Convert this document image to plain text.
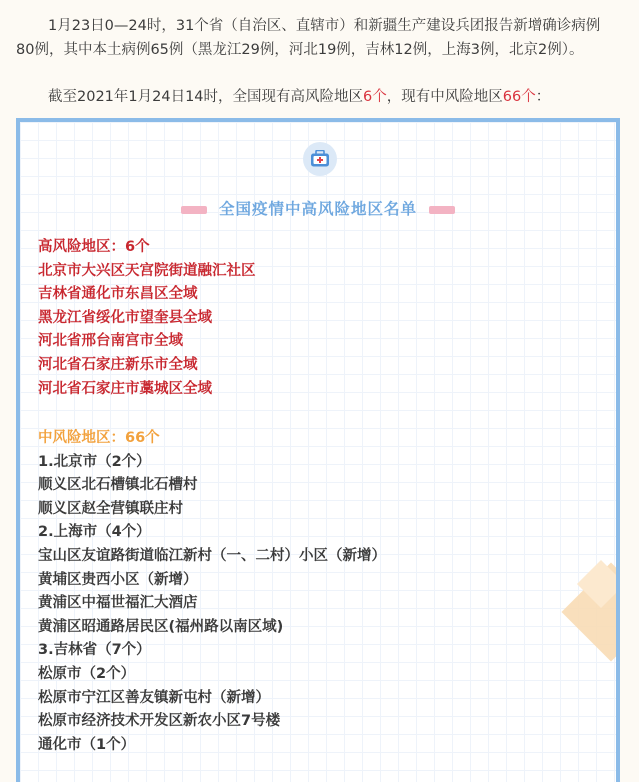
1月23日0—24时，31个省（自治区、直辖市）和新疆生产建设兵团报告新增确诊病例

80例，其中本土病例65例（黑龙江29例，河北19例，吉林12例，上海3例，北京2例）。

截至2021年1月24日14时，全国现有高风险地区6个，现有中风险地区66个：

全国疫情中高风险地区名单
高风险地区：6个
北京市大兴区天宫院街道融汇社区
吉林省通化市东昌区全域
黑龙江省绥化市望奎县全域
河北省邢台南宫市全域
河北省石家庄新乐市全域
河北省石家庄市藁城区全域
中风险地区：66个
1.北京市（2个）
顺义区北石槽镇北石槽村
顺义区赵全营镇联庄村
2.上海市（4个）
宝山区友谊路街道临江新村（一、二村）小区（新增）
黄埔区贵西小区（新增）
黄浦区中福世福汇大酒店
黄浦区昭通路居民区(福州路以南区域)
3.吉林省（7个）
松原市（2个）
松原市宁江区善友镇新屯村（新增）
松原市经济技术开发区新农小区7号楼
通化市（1个）
